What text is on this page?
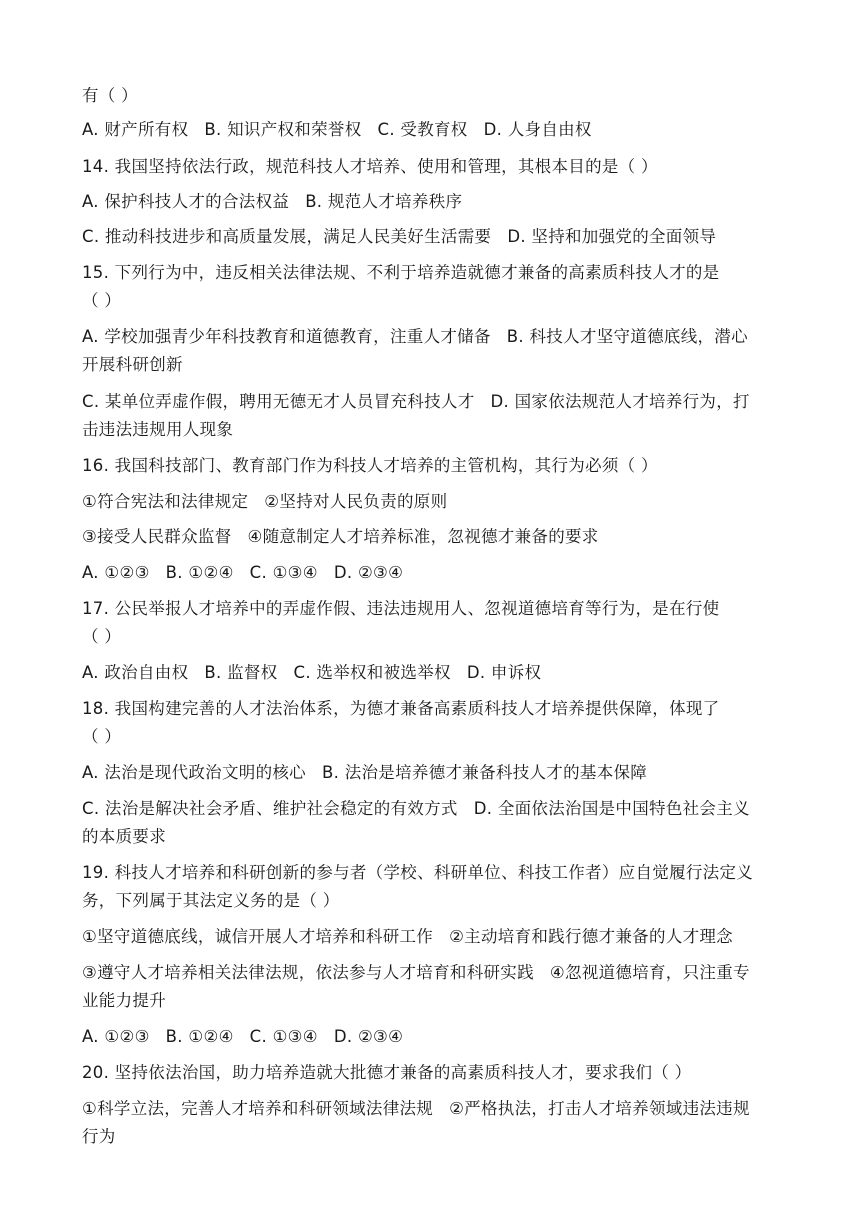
有（ ）
A. 财产所有权 B. 知识产权和荣誉权 C. 受教育权 D. 人身自由权
14. 我国坚持依法行政，规范科技人才培养、使用和管理，其根本目的是（ ）
A. 保护科技人才的合法权益 B. 规范人才培养秩序
C. 推动科技进步和高质量发展，满足人民美好生活需要 D. 坚持和加强党的全面领导
15. 下列行为中，违反相关法律法规、不利于培养造就德才兼备的高素质科技人才的是
（ ）
A. 学校加强青少年科技教育和道德教育，注重人才储备 B. 科技人才坚守道德底线，潜心
开展科研创新
C. 某单位弄虚作假，聘用无德无才人员冒充科技人才 D. 国家依法规范人才培养行为，打
击违法违规用人现象
16. 我国科技部门、教育部门作为科技人才培养的主管机构，其行为必须（ ）
①符合宪法和法律规定 ②坚持对人民负责的原则
③接受人民群众监督 ④随意制定人才培养标准，忽视德才兼备的要求
A. ①②③ B. ①②④ C. ①③④ D. ②③④
17. 公民举报人才培养中的弄虚作假、违法违规用人、忽视道德培育等行为，是在行使
（ ）
A. 政治自由权 B. 监督权 C. 选举权和被选举权 D. 申诉权
18. 我国构建完善的人才法治体系，为德才兼备高素质科技人才培养提供保障，体现了
（ ）
A. 法治是现代政治文明的核心 B. 法治是培养德才兼备科技人才的基本保障
C. 法治是解决社会矛盾、维护社会稳定的有效方式 D. 全面依法治国是中国特色社会主义
的本质要求
19. 科技人才培养和科研创新的参与者（学校、科研单位、科技工作者）应自觉履行法定义
务，下列属于其法定义务的是（ ）
①坚守道德底线，诚信开展人才培养和科研工作 ②主动培育和践行德才兼备的人才理念
③遵守人才培养相关法律法规，依法参与人才培育和科研实践 ④忽视道德培育，只注重专
业能力提升
A. ①②③ B. ①②④ C. ①③④ D. ②③④
20. 坚持依法治国，助力培养造就大批德才兼备的高素质科技人才，要求我们（ ）
①科学立法，完善人才培养和科研领域法律法规 ②严格执法，打击人才培养领域违法违规
行为
